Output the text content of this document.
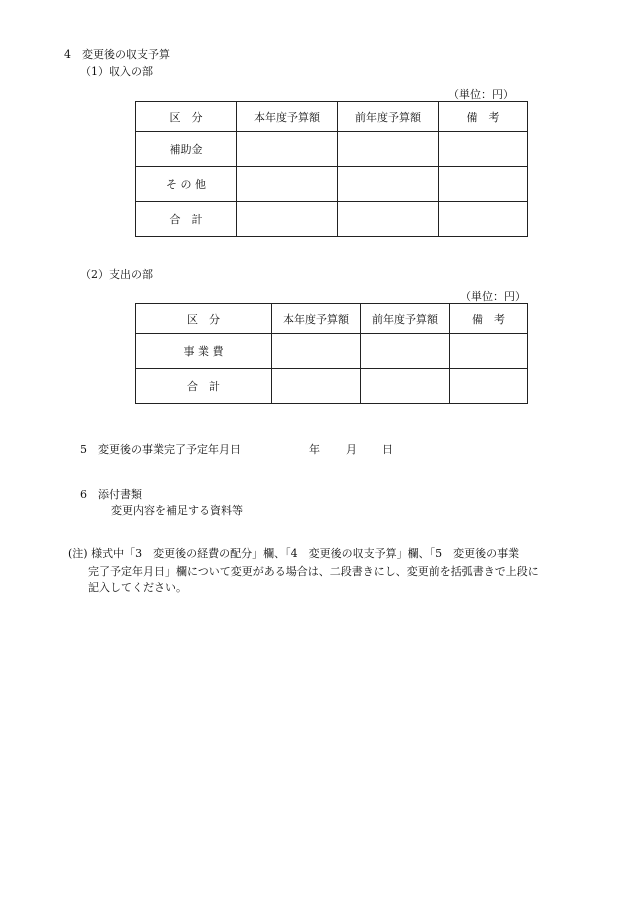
4　変更後の収支予算
（1）収入の部
（単位：円）
区　分	本年度予算額	前年度予算額	備　考
補助金			
そ の 他			
合　計			
（2）支出の部
（単位：円）
区　分	本年度予算額	前年度予算額	備　考
事 業 費			
合　計			
5　変更後の事業完了予定年月日	年 月 日
6　添付書類
変更内容を補足する資料等
(注) 様式中「3　変更後の経費の配分」欄、「4　変更後の収支予算」欄、「5　変更後の事業
完了予定年月日」欄について変更がある場合は、二段書きにし、変更前を括弧書きで上段に
記入してください。
